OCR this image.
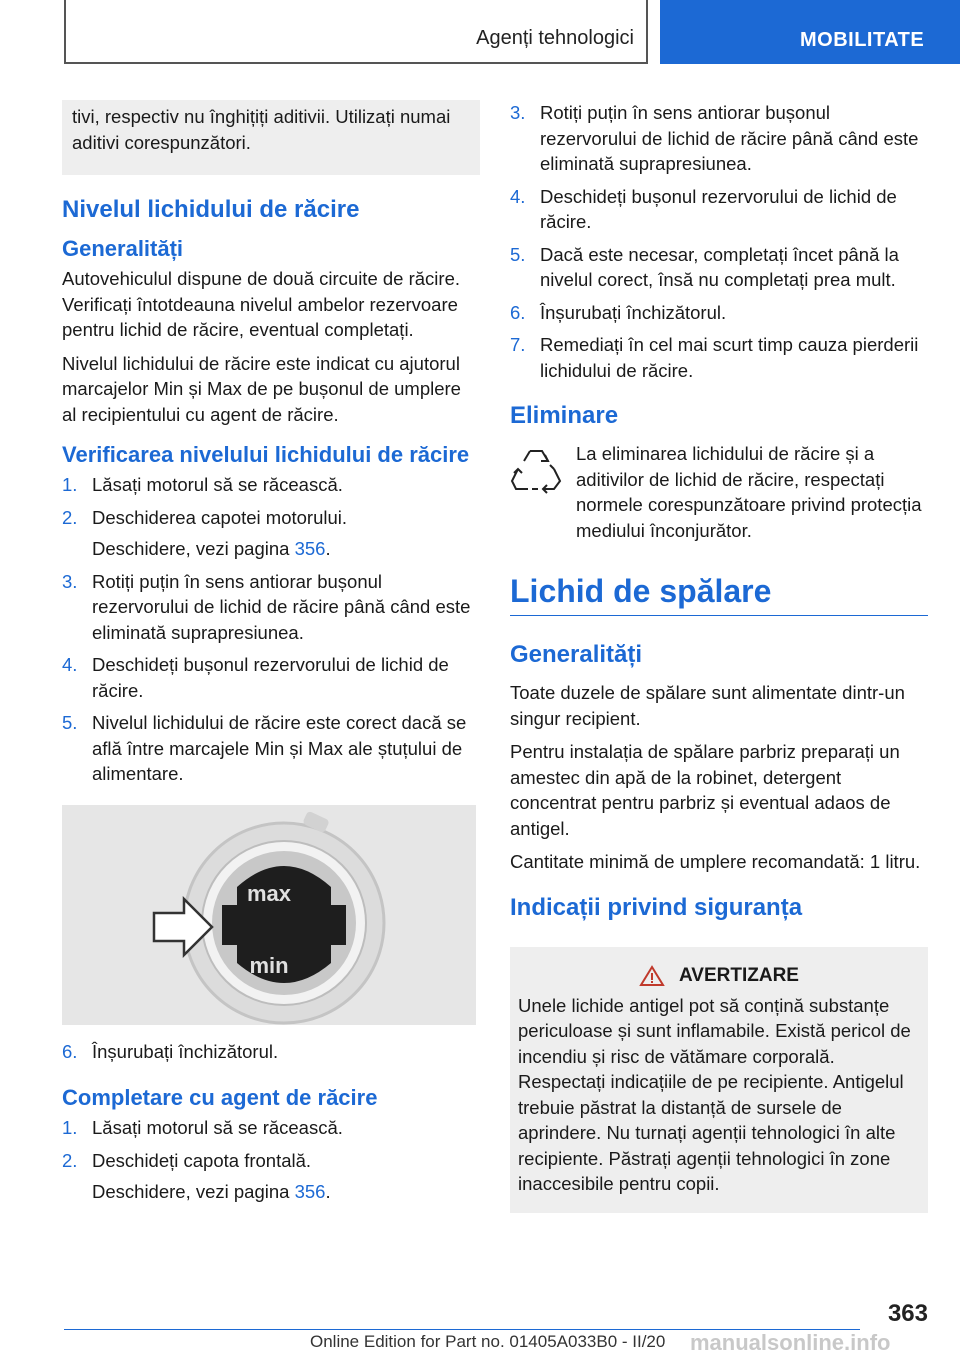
Agenți tehnologici	MOBILITATE

tivi, respectiv nu înghițiți aditivii. Utilizați numai aditivi corespunzători.

Nivelul lichidului de răcire
Generalități

Autovehiculul dispune de două circuite de răcire. Verificați întotdeauna nivelul ambelor rezervoare pentru lichid de răcire, eventual completați.

Nivelul lichidului de răcire este indicat cu ajutorul marcajelor Min și Max de pe bușonul de umplere al recipientului cu agent de răcire.

Verificarea nivelului lichidului de răcire
1. Lăsați motorul să se răcească.
2. Deschiderea capotei motorului.
Deschidere, vezi pagina 356.
3. Rotiți puțin în sens antiorar bușonul rezervorului de lichid de răcire până când este eliminată suprapresiunea.
4. Deschideți bușonul rezervorului de lichid de răcire.
5. Nivelul lichidului de răcire este corect dacă se află între marcajele Min și Max ale ștuțului de alimentare.
max
min
6. Înșurubați închizătorul.
Completare cu agent de răcire
1. Lăsați motorul să se răcească.
2. Deschideți capota frontală.
Deschidere, vezi pagina 356.
3. Rotiți puțin în sens antiorar bușonul rezervorului de lichid de răcire până când este eliminată suprapresiunea.
4. Deschideți bușonul rezervorului de lichid de răcire.
5. Dacă este necesar, completați încet până la nivelul corect, însă nu completați prea mult.
6. Înșurubați închizătorul.
7. Remediați în cel mai scurt timp cauza pierderii lichidului de răcire.
Eliminare

La eliminarea lichidului de răcire și a aditivilor de lichid de răcire, respectați normele corespunzătoare privind protecția mediului înconjurător.

Lichid de spălare
Generalități

Toate duzele de spălare sunt alimentate dintr-un singur recipient.

Pentru instalația de spălare parbriz preparați un amestec din apă de la robinet, detergent concentrat pentru parbriz și eventual adaos de antigel.

Cantitate minimă de umplere recomandată: 1 litru.

Indicații privind siguranța
AVERTIZARE

Unele lichide antigel pot să conțină substanțe periculoase și sunt inflamabile. Există pericol de incendiu și risc de vătămare corporală. Respectați indicațiile de pe recipiente. Antigelul trebuie păstrat la distanță de sursele de aprindere. Nu turnați agenții tehnologici în alte recipiente. Păstrați agenții tehnologici în zone inaccesibile pentru copii.

363
Online Edition for Part no. 01405A033B0 - II/20 manualsonline.info
